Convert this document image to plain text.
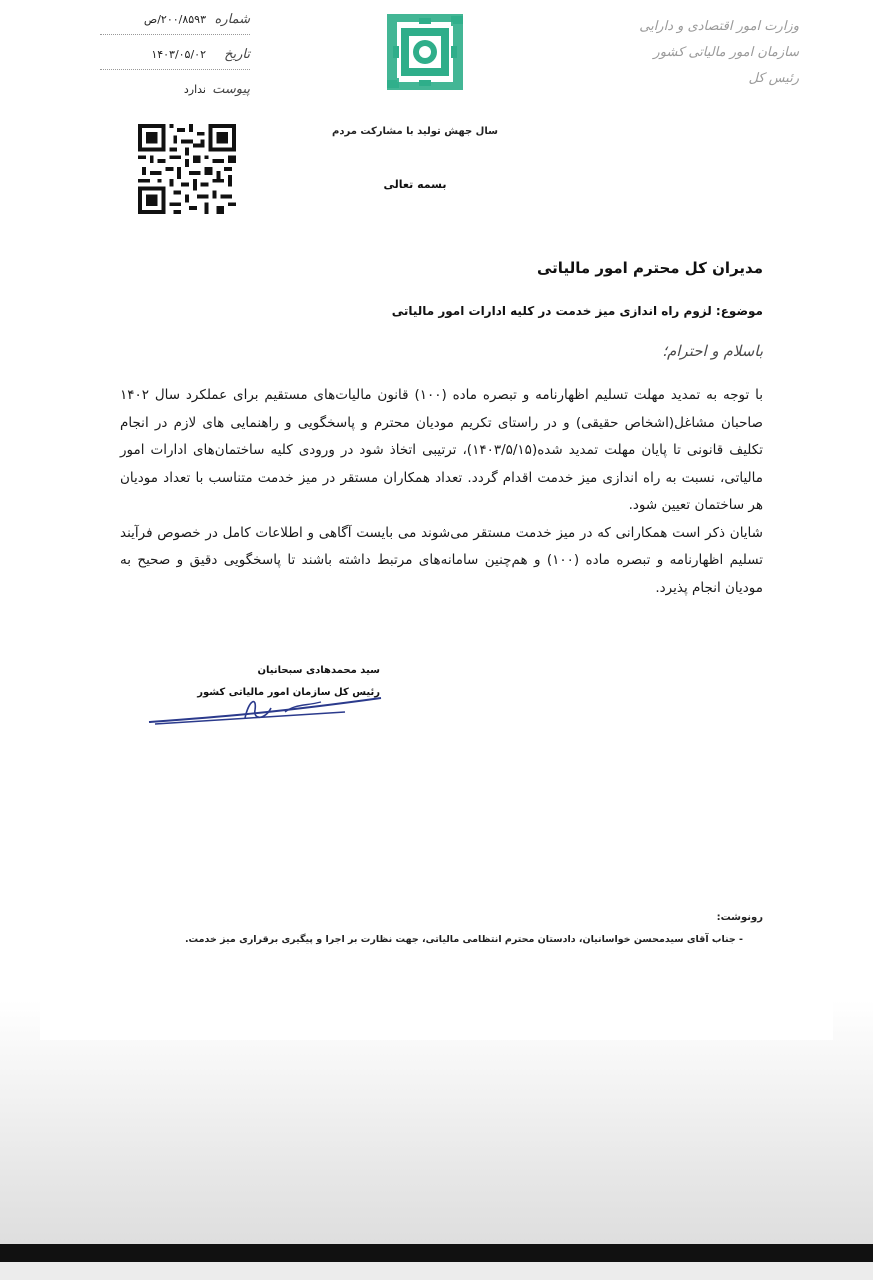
وزارت امور اقتصادی و دارایی
سازمان امور مالیاتی کشور
رئیس کل
شماره
۲۰۰/۸۵۹۳/ص
تاریخ
۱۴۰۳/۰۵/۰۲
پیوست
ندارد
سال جهش تولید با مشارکت مردم
بسمه تعالی
مدیران کل محترم امور مالیاتی
موضوع: لزوم راه اندازی میز خدمت در کلیه ادارات امور مالیاتی
باسلام و احترام؛

با توجه به تمدید مهلت تسلیم اظهارنامه و تبصره ماده (۱۰۰) قانون مالیات‌های مستقیم برای عملکرد سال ۱۴۰۲ صاحبان مشاغل(اشخاص حقیقی) و در راستای تکریم مودیان محترم و پاسخگویی و راهنمایی های لازم در انجام تکلیف قانونی تا پایان مهلت تمدید شده(۱۴۰۳/۵/۱۵)، ترتیبی اتخاذ شود در ورودی کلیه ساختمان‌های ادارات امور مالیاتی، نسبت به راه اندازی میز خدمت اقدام گردد. تعداد همکاران مستقر در میز خدمت متناسب با تعداد مودیان هر ساختمان تعیین شود.

شایان ذکر است همکارانی که در میز خدمت مستقر می‌شوند می بایست آگاهی و اطلاعات کامل در خصوص فرآیند تسلیم اظهارنامه و تبصره ماده (۱۰۰) و هم‌چنین سامانه‌های مرتبط داشته باشند تا پاسخگویی دقیق و صحیح به مودیان انجام پذیرد.

سید محمدهادی سبحانیان
رئیس کل سازمان امور مالیاتی کشور
رونوشت:
- جناب آقای سیدمحسن خواسانیان، دادستان محترم انتظامی مالیاتی، جهت نظارت بر اجرا و پیگیری برقراری میز خدمت.
